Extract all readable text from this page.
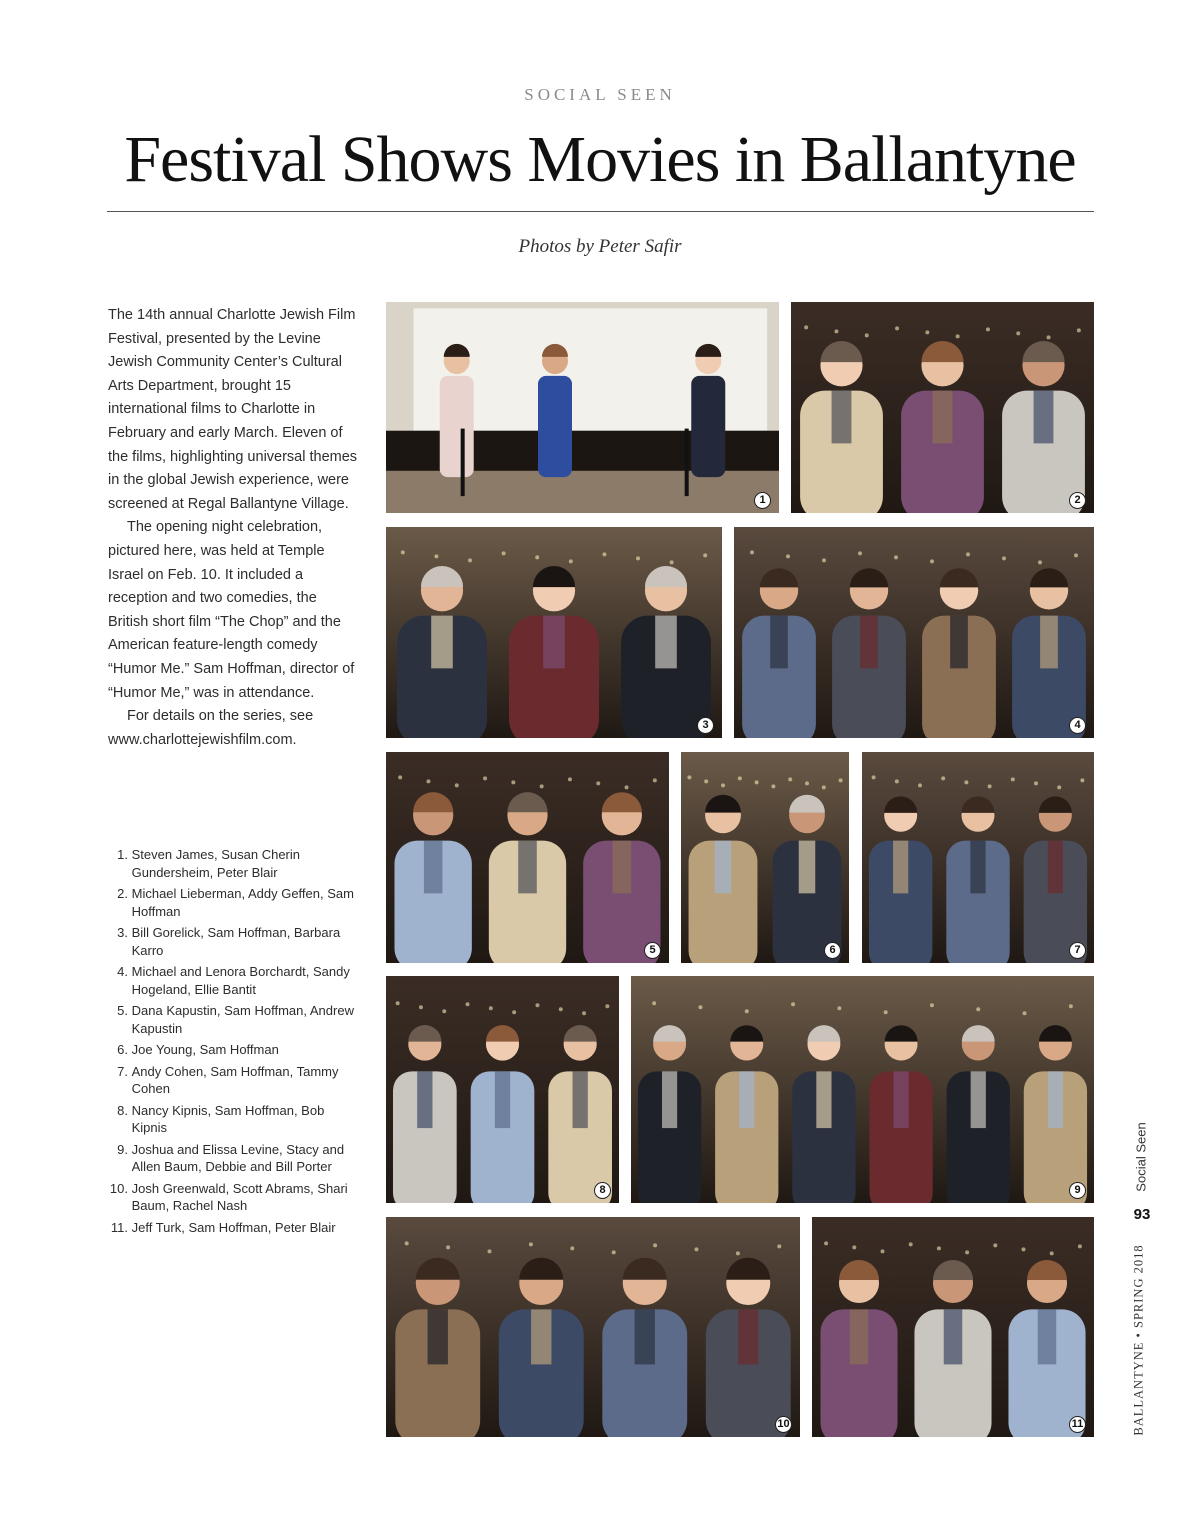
SOCIAL SEEN
Festival Shows Movies in Ballantyne
Photos by Peter Safir

The 14th annual Charlotte Jewish Film Festival, presented by the Levine Jewish Community Center’s Cultural Arts Department, brought 15 international films to Charlotte in February and early March. Eleven of the films, highlighting universal themes in the global Jewish experience, were screened at Regal Ballantyne Village.

The opening night celebration, pictured here, was held at Temple Israel on Feb. 10. It included a reception and two comedies, the British short film “The Chop” and the American feature-length comedy “Humor Me.” Sam Hoffman, director of “Humor Me,” was in attendance.

For details on the series, see www.charlottejewishfilm.com.

1.
Steven James, Susan Cherin Gundersheim, Peter Blair
2.
Michael Lieberman, Addy Geffen, Sam Hoffman
3.
Bill Gorelick, Sam Hoffman, Barbara Karro
4.
Michael and Lenora Borchardt, Sandy Hogeland, Ellie Bantit
5.
Dana Kapustin, Sam Hoffman, Andrew Kapustin
6.
Joe Young, Sam Hoffman
7.
Andy Cohen, Sam Hoffman, Tammy Cohen
8.
Nancy Kipnis, Sam Hoffman, Bob Kipnis
9.
Joshua and Elissa Levine, Stacy and Allen Baum, Debbie and Bill Porter
10.
Josh Greenwald, Scott Abrams, Shari Baum, Rachel Nash
11.
Jeff Turk, Sam Hoffman, Peter Blair
1	2
3	4
5	6	7
8	9
10	11
Social Seen
93
BALLANTYNE • SPRING 2018
